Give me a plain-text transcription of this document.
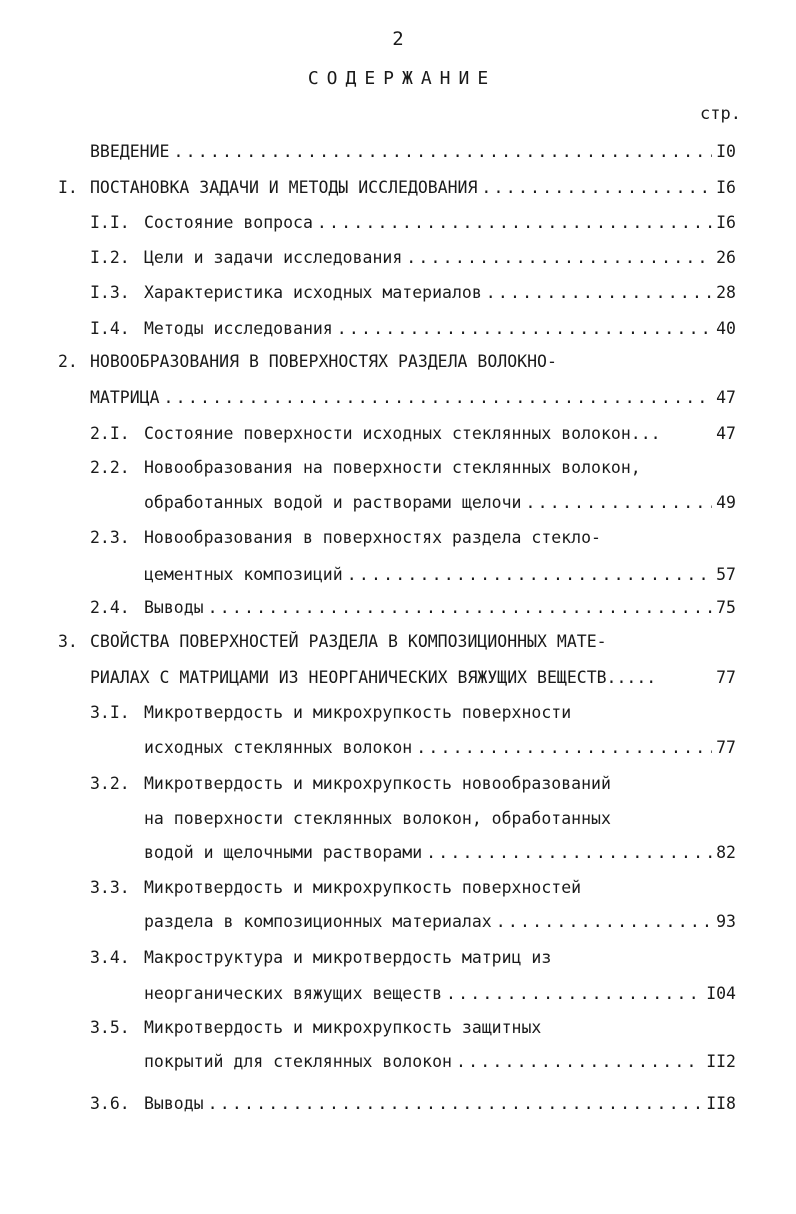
2
СОДЕРЖАНИЕ
стр.
ВВЕДЕНИЕ .....	I0
I. ПОСТАНОВКА ЗАДАЧИ И МЕТОДЫ ИССЛЕДОВАНИЯ .....	I6
I.I. Состояние вопроса .....	I6
I.2. Цели и задачи исследования .....	26
I.3. Характеристика исходных материалов .....	28
I.4. Методы исследования .....	40
2. НОВООБРАЗОВАНИЯ В ПОВЕРХНОСТЯХ РАЗДЕЛА ВОЛОКНО-
МАТРИЦА .....	47
2.I. Состояние поверхности исходных стеклянных волокон...	47
2.2. Новообразования на поверхности стеклянных волокон,
обработанных водой и растворами щелочи .....	49
2.3. Новообразования в поверхностях раздела стекло-
цементных композиций .....	57
2.4. Выводы .....	75
3. СВОЙСТВА ПОВЕРХНОСТЕЙ РАЗДЕЛА В КОМПОЗИЦИОННЫХ МАТЕ-
РИАЛАХ С МАТРИЦАМИ ИЗ НЕОРГАНИЧЕСКИХ ВЯЖУЩИХ ВЕЩЕСТВ.....	77
3.I. Микротвердость и микрохрупкость поверхности
исходных стеклянных волокон .....	77
3.2. Микротвердость и микрохрупкость новообразований
на поверхности стеклянных волокон, обработанных
водой и щелочными растворами .....	82
3.3. Микротвердость и микрохрупкость поверхностей
раздела в композиционных материалах .....	93
3.4. Макроструктура и микротвердость матриц из
неорганических вяжущих веществ .....	I04
3.5. Микротвердость и микрохрупкость защитных
покрытий для стеклянных волокон .....	II2
3.6. Выводы .....	II8
